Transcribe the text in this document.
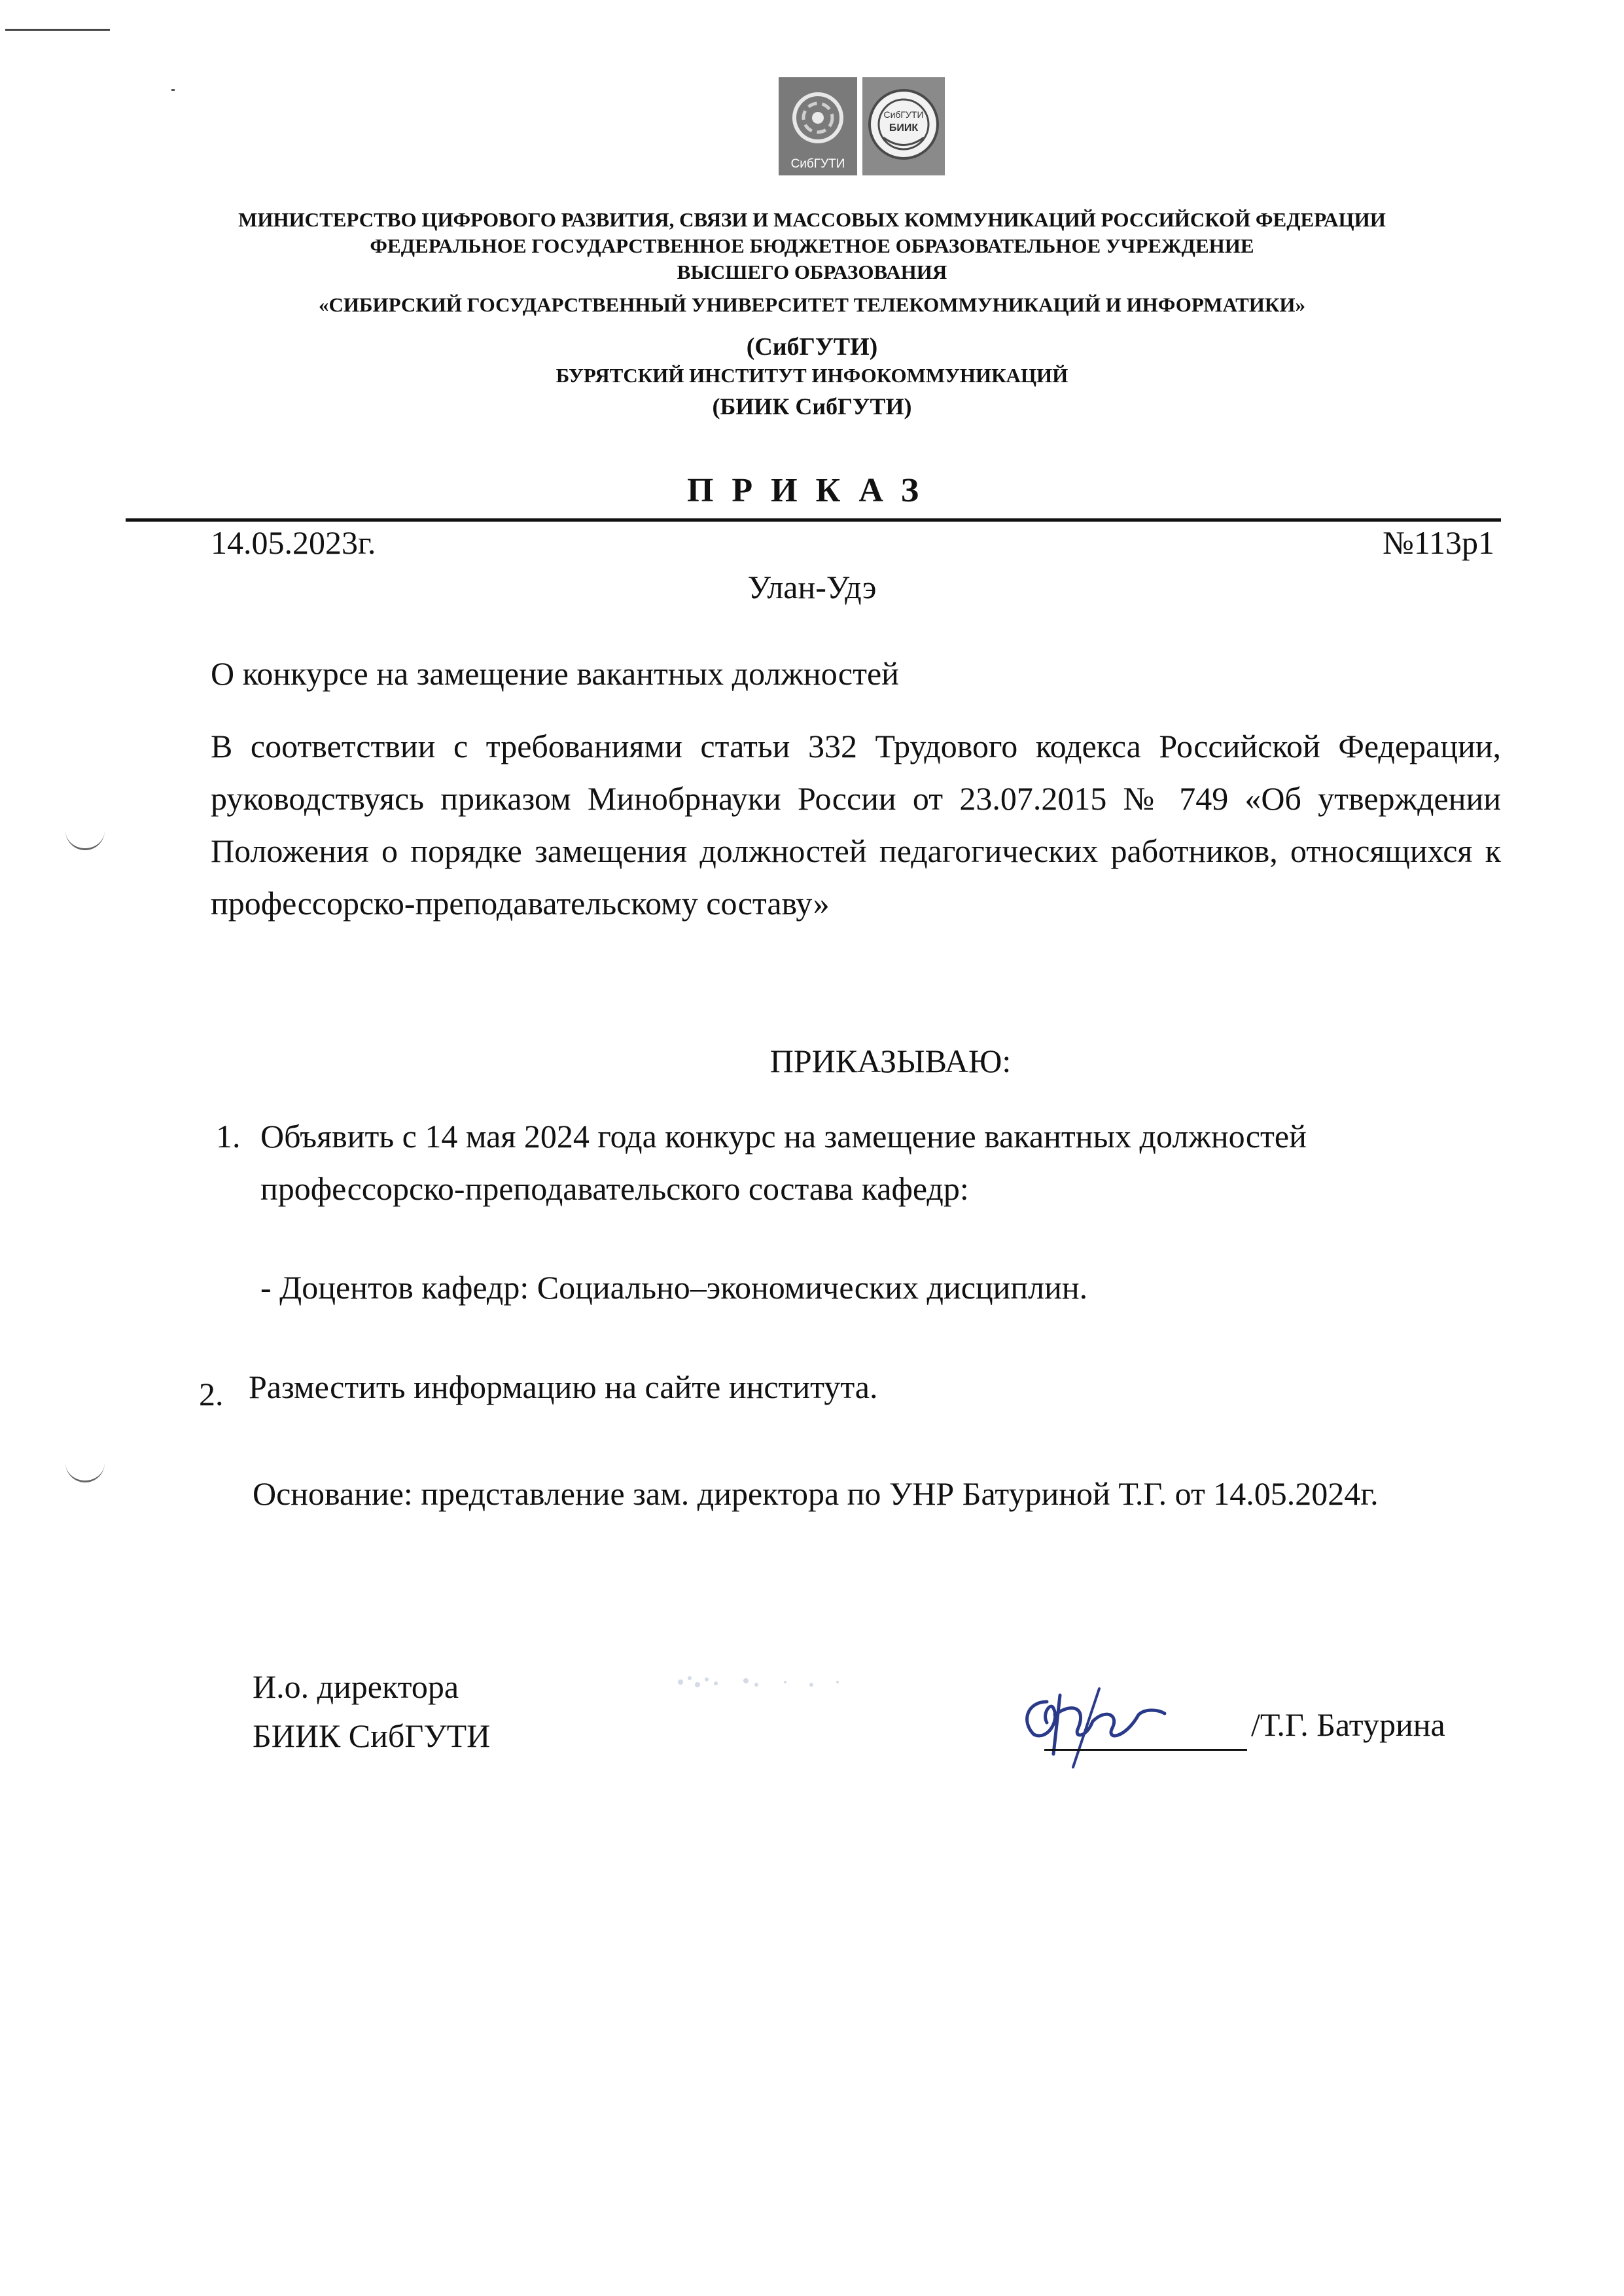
СибГУТИ
СибГУТИ
БИИК
МИНИСТЕРСТВО ЦИФРОВОГО РАЗВИТИЯ, СВЯЗИ И МАССОВЫХ КОММУНИКАЦИЙ РОССИЙСКОЙ ФЕДЕРАЦИИ
ФЕДЕРАЛЬНОЕ ГОСУДАРСТВЕННОЕ БЮДЖЕТНОЕ ОБРАЗОВАТЕЛЬНОЕ УЧРЕЖДЕНИЕ
ВЫСШЕГО ОБРАЗОВАНИЯ
«СИБИРСКИЙ ГОСУДАРСТВЕННЫЙ УНИВЕРСИТЕТ ТЕЛЕКОММУНИКАЦИЙ И ИНФОРМАТИКИ»
(СибГУТИ)
БУРЯТСКИЙ ИНСТИТУТ ИНФОКОММУНИКАЦИЙ
(БИИК СибГУТИ)
ПРИКАЗ
14.05.2023г.	№113р1
Улан-Удэ
О конкурсе на замещение вакантных должностей
В соответствии с требованиями статьи 332 Трудового кодекса Российской Федерации, руководствуясь приказом Минобрнауки России от 23.07.2015 № 749 «Об утверждении Положения о порядке замещения должностей педагогических работников, относящихся к профессорско-преподавательскому составу»
ПРИКАЗЫВАЮ:
1. Объявить с 14 мая 2024 года конкурс на замещение вакантных должностей профессорско-преподавательского состава кафедр:
- Доцентов кафедр: Социально–экономических дисциплин.
2. Разместить информацию на сайте института.
Основание: представление зам. директора по УНР Батуриной Т.Г. от 14.05.2024г.
И.о. директора
БИИК СибГУТИ	/Т.Г. Батурина
